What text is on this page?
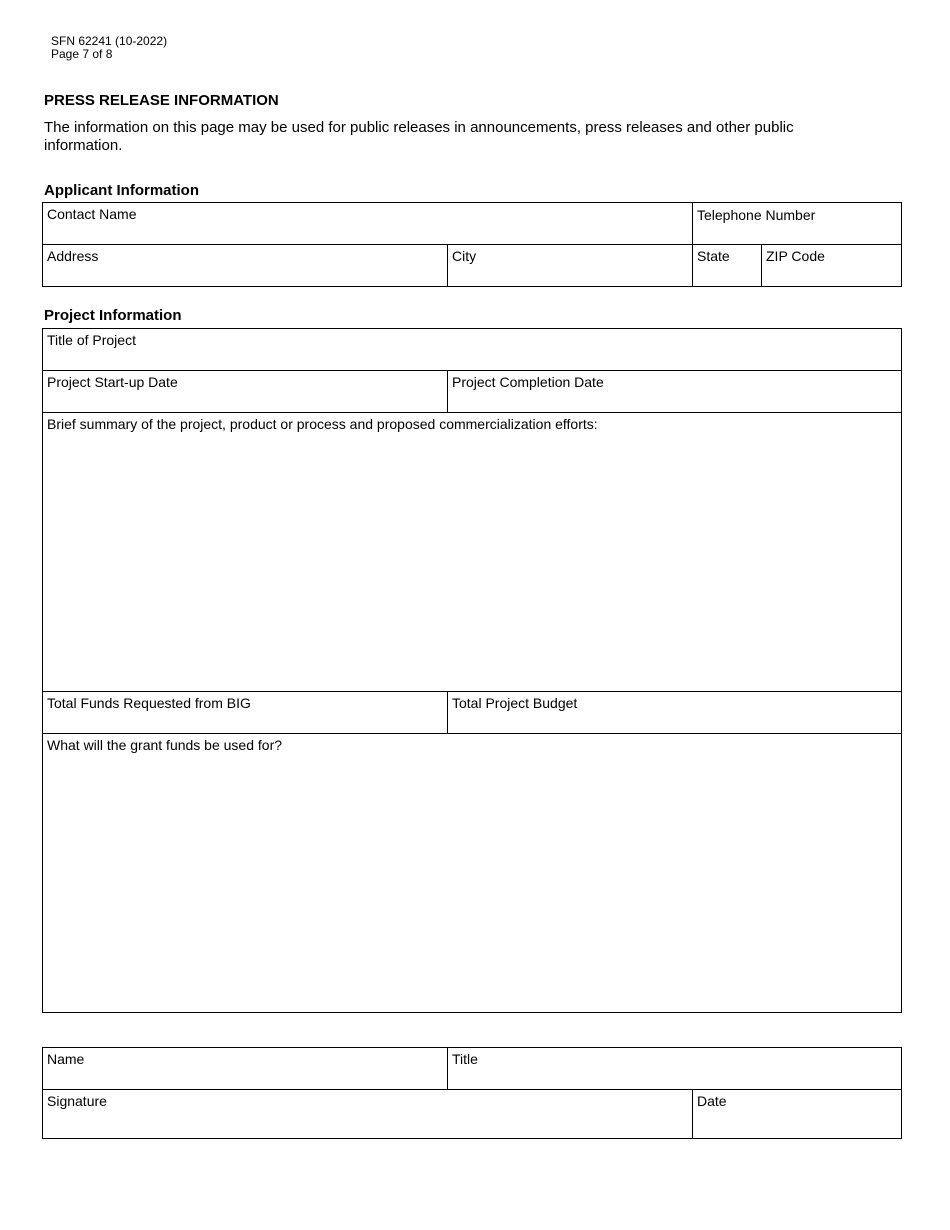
SFN 62241 (10-2022)
Page 7 of 8
PRESS RELEASE INFORMATION
The information on this page may be used for public releases in announcements, press releases and other public information.
Applicant Information
Contact Name	Telephone Number
Address	City	State	ZIP Code
Project Information
Title of Project
Project Start-up Date	Project Completion Date
Brief summary of the project, product or process and proposed commercialization efforts:
Total Funds Requested from BIG	Total Project Budget
What will the grant funds be used for?
Name	Title
Signature	Date
